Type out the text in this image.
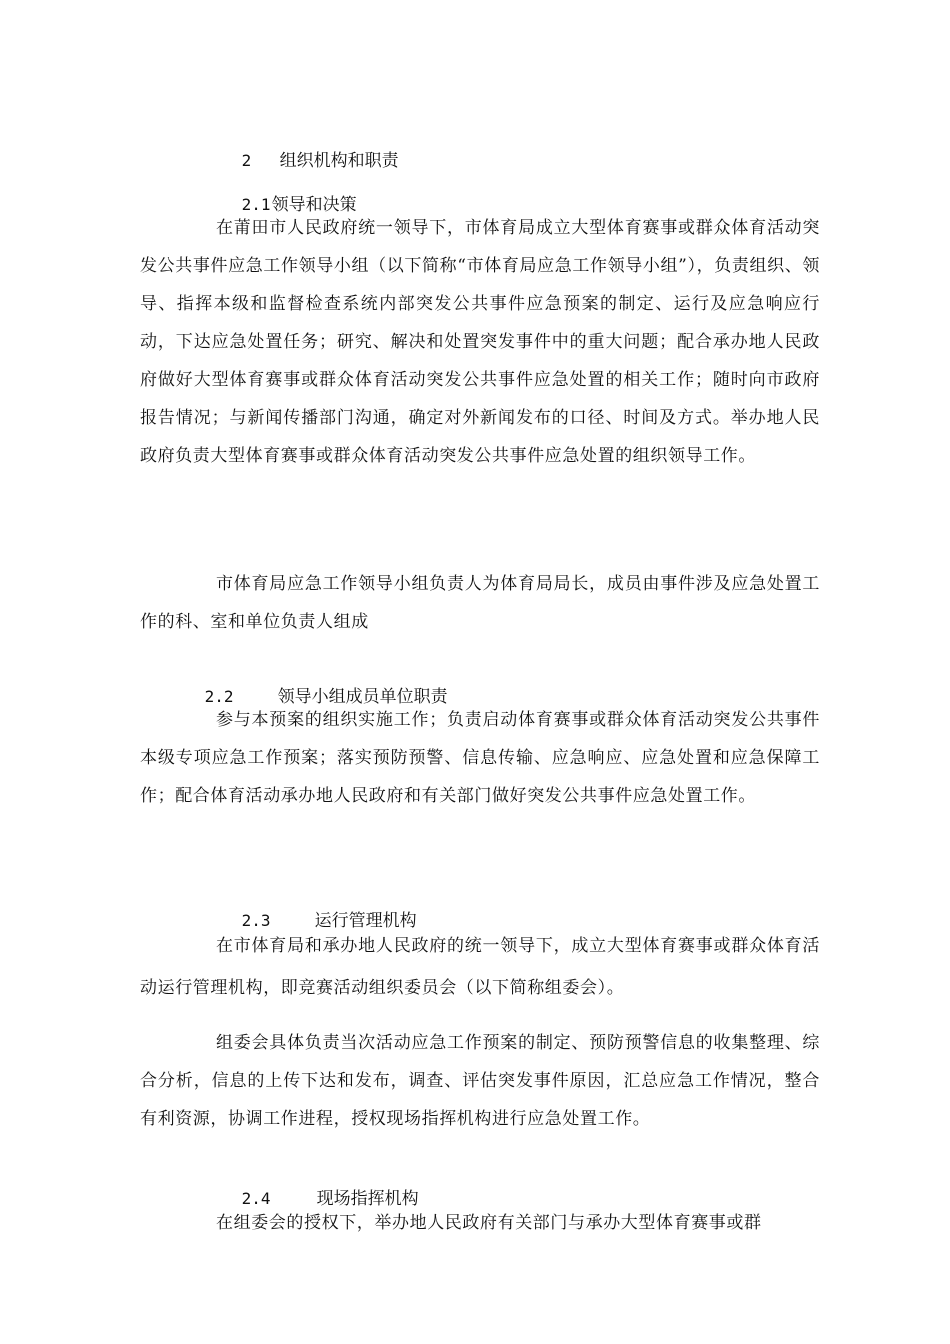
2 组织机构和职责

2.1领导和决策

在莆田市人民政府统一领导下，市体育局成立大型体育赛事或群众体育活动突发公共事件应急工作领导小组（以下简称“市体育局应急工作领导小组”），负责组织、领导、指挥本级和监督检查系统内部突发公共事件应急预案的制定、运行及应急响应行动，下达应急处置任务；研究、解决和处置突发事件中的重大问题；配合承办地人民政府做好大型体育赛事或群众体育活动突发公共事件应急处置的相关工作；随时向市政府报告情况；与新闻传播部门沟通，确定对外新闻发布的口径、时间及方式。举办地人民政府负责大型体育赛事或群众体育活动突发公共事件应急处置的组织领导工作。

市体育局应急工作领导小组负责人为体育局局长，成员由事件涉及应急处置工作的科、室和单位负责人组成

2.2	领导小组成员单位职责

参与本预案的组织实施工作；负责启动体育赛事或群众体育活动突发公共事件本级专项应急工作预案；落实预防预警、信息传输、应急响应、应急处置和应急保障工作；配合体育活动承办地人民政府和有关部门做好突发公共事件应急处置工作。

2.3	运行管理机构

在市体育局和承办地人民政府的统一领导下，成立大型体育赛事或群众体育活动运行管理机构，即竞赛活动组织委员会（以下简称组委会）。

组委会具体负责当次活动应急工作预案的制定、预防预警信息的收集整理、综合分析，信息的上传下达和发布，调查、评估突发事件原因，汇总应急工作情况，整合有利资源，协调工作进程，授权现场指挥机构进行应急处置工作。

2.4	现场指挥机构

在组委会的授权下，举办地人民政府有关部门与承办大型体育赛事或群
